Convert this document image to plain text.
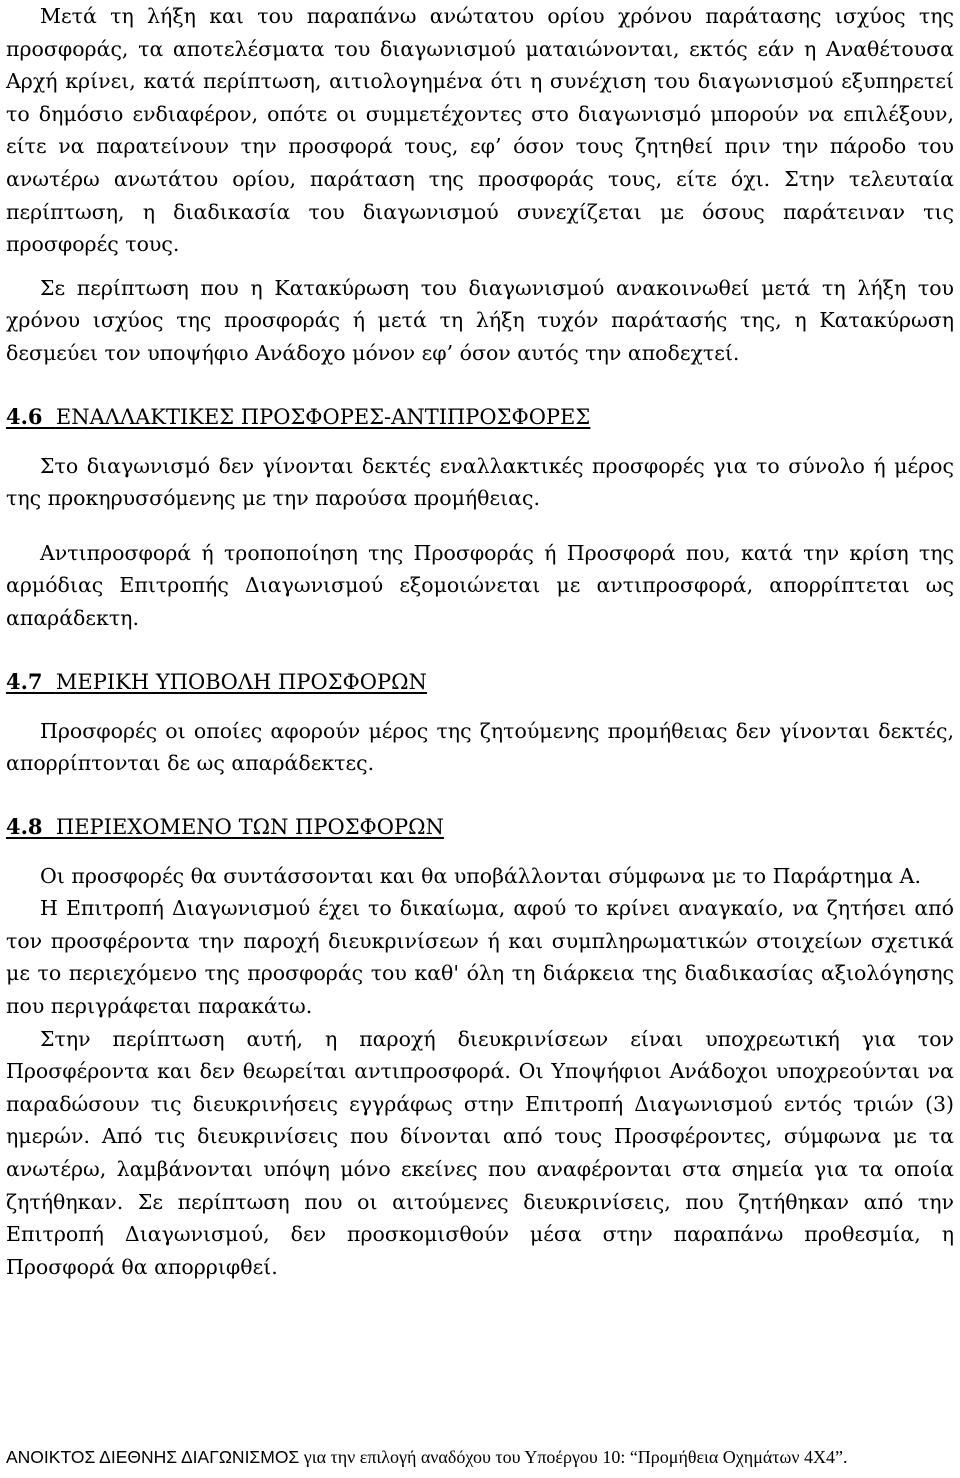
Μετά τη λήξη και του παραπάνω ανώτατου ορίου χρόνου παράτασης ισχύος της προσφοράς, τα αποτελέσματα του διαγωνισμού ματαιώνονται, εκτός εάν η Αναθέτουσα Αρχή κρίνει, κατά περίπτωση, αιτιολογημένα ότι η συνέχιση του διαγωνισμού εξυπηρετεί το δημόσιο ενδιαφέρον, οπότε οι συμμετέχοντες στο διαγωνισμό μπορούν να επιλέξουν, είτε να παρατείνουν την προσφορά τους, εφ’ όσον τους ζητηθεί πριν την πάροδο του ανωτέρω ανωτάτου ορίου, παράταση της προσφοράς τους, είτε όχι. Στην τελευταία περίπτωση, η διαδικασία του διαγωνισμού συνεχίζεται με όσους παράτειναν τις προσφορές τους.

Σε περίπτωση που η Κατακύρωση του διαγωνισμού ανακοινωθεί μετά τη λήξη του χρόνου ισχύος της προσφοράς ή μετά τη λήξη τυχόν παράτασής της, η Κατακύρωση δεσμεύει τον υποψήφιο Ανάδοχο μόνον εφ’ όσον αυτός την αποδεχτεί.

4.6 ΕΝΑΛΛΑΚΤΙΚΕΣ ΠΡΟΣΦΟΡΕΣ-ΑΝΤΙΠΡΟΣΦΟΡΕΣ

Στο διαγωνισμό δεν γίνονται δεκτές εναλλακτικές προσφορές για το σύνολο ή μέρος της προκηρυσσόμενης με την παρούσα προμήθειας.

Αντιπροσφορά ή τροποποίηση της Προσφοράς ή Προσφορά που, κατά την κρίση της αρμόδιας Επιτροπής Διαγωνισμού εξομοιώνεται με αντιπροσφορά, απορρίπτεται ως απαράδεκτη.

4.7 ΜΕΡΙΚΗ ΥΠΟΒΟΛΗ ΠΡΟΣΦΟΡΩΝ

Προσφορές οι οποίες αφορούν μέρος της ζητούμενης προμήθειας δεν γίνονται δεκτές, απορρίπτονται δε ως απαράδεκτες.

4.8 ΠΕΡΙΕΧΟΜΕΝΟ ΤΩΝ ΠΡΟΣΦΟΡΩΝ

Οι προσφορές θα συντάσσονται και θα υποβάλλονται σύμφωνα με το Παράρτημα Α.

Η Επιτροπή Διαγωνισμού έχει το δικαίωμα, αφού το κρίνει αναγκαίο, να ζητήσει από τον προσφέροντα την παροχή διευκρινίσεων ή και συμπληρωματικών στοιχείων σχετικά με το περιεχόμενο της προσφοράς του καθ' όλη τη διάρκεια της διαδικασίας αξιολόγησης που περιγράφεται παρακάτω.

Στην περίπτωση αυτή, η παροχή διευκρινίσεων είναι υποχρεωτική για τον Προσφέροντα και δεν θεωρείται αντιπροσφορά. Οι Υποψήφιοι Ανάδοχοι υποχρεούνται να παραδώσουν τις διευκρινήσεις εγγράφως στην Επιτροπή Διαγωνισμού εντός τριών (3) ημερών. Από τις διευκρινίσεις που δίνονται από τους Προσφέροντες, σύμφωνα με τα ανωτέρω, λαμβάνονται υπόψη μόνο εκείνες που αναφέρονται στα σημεία για τα οποία ζητήθηκαν. Σε περίπτωση που οι αιτούμενες διευκρινίσεις, που ζητήθηκαν από την Επιτροπή Διαγωνισμού, δεν προσκομισθούν μέσα στην παραπάνω προθεσμία, η Προσφορά θα απορριφθεί.

ΑΝΟΙΚΤΟΣ ΔΙΕΘΝΗΣ ΔΙΑΓΩΝΙΣΜΟΣ για την επιλογή αναδόχου του Υποέργου 10: “Προμήθεια Οχημάτων 4Χ4”.
